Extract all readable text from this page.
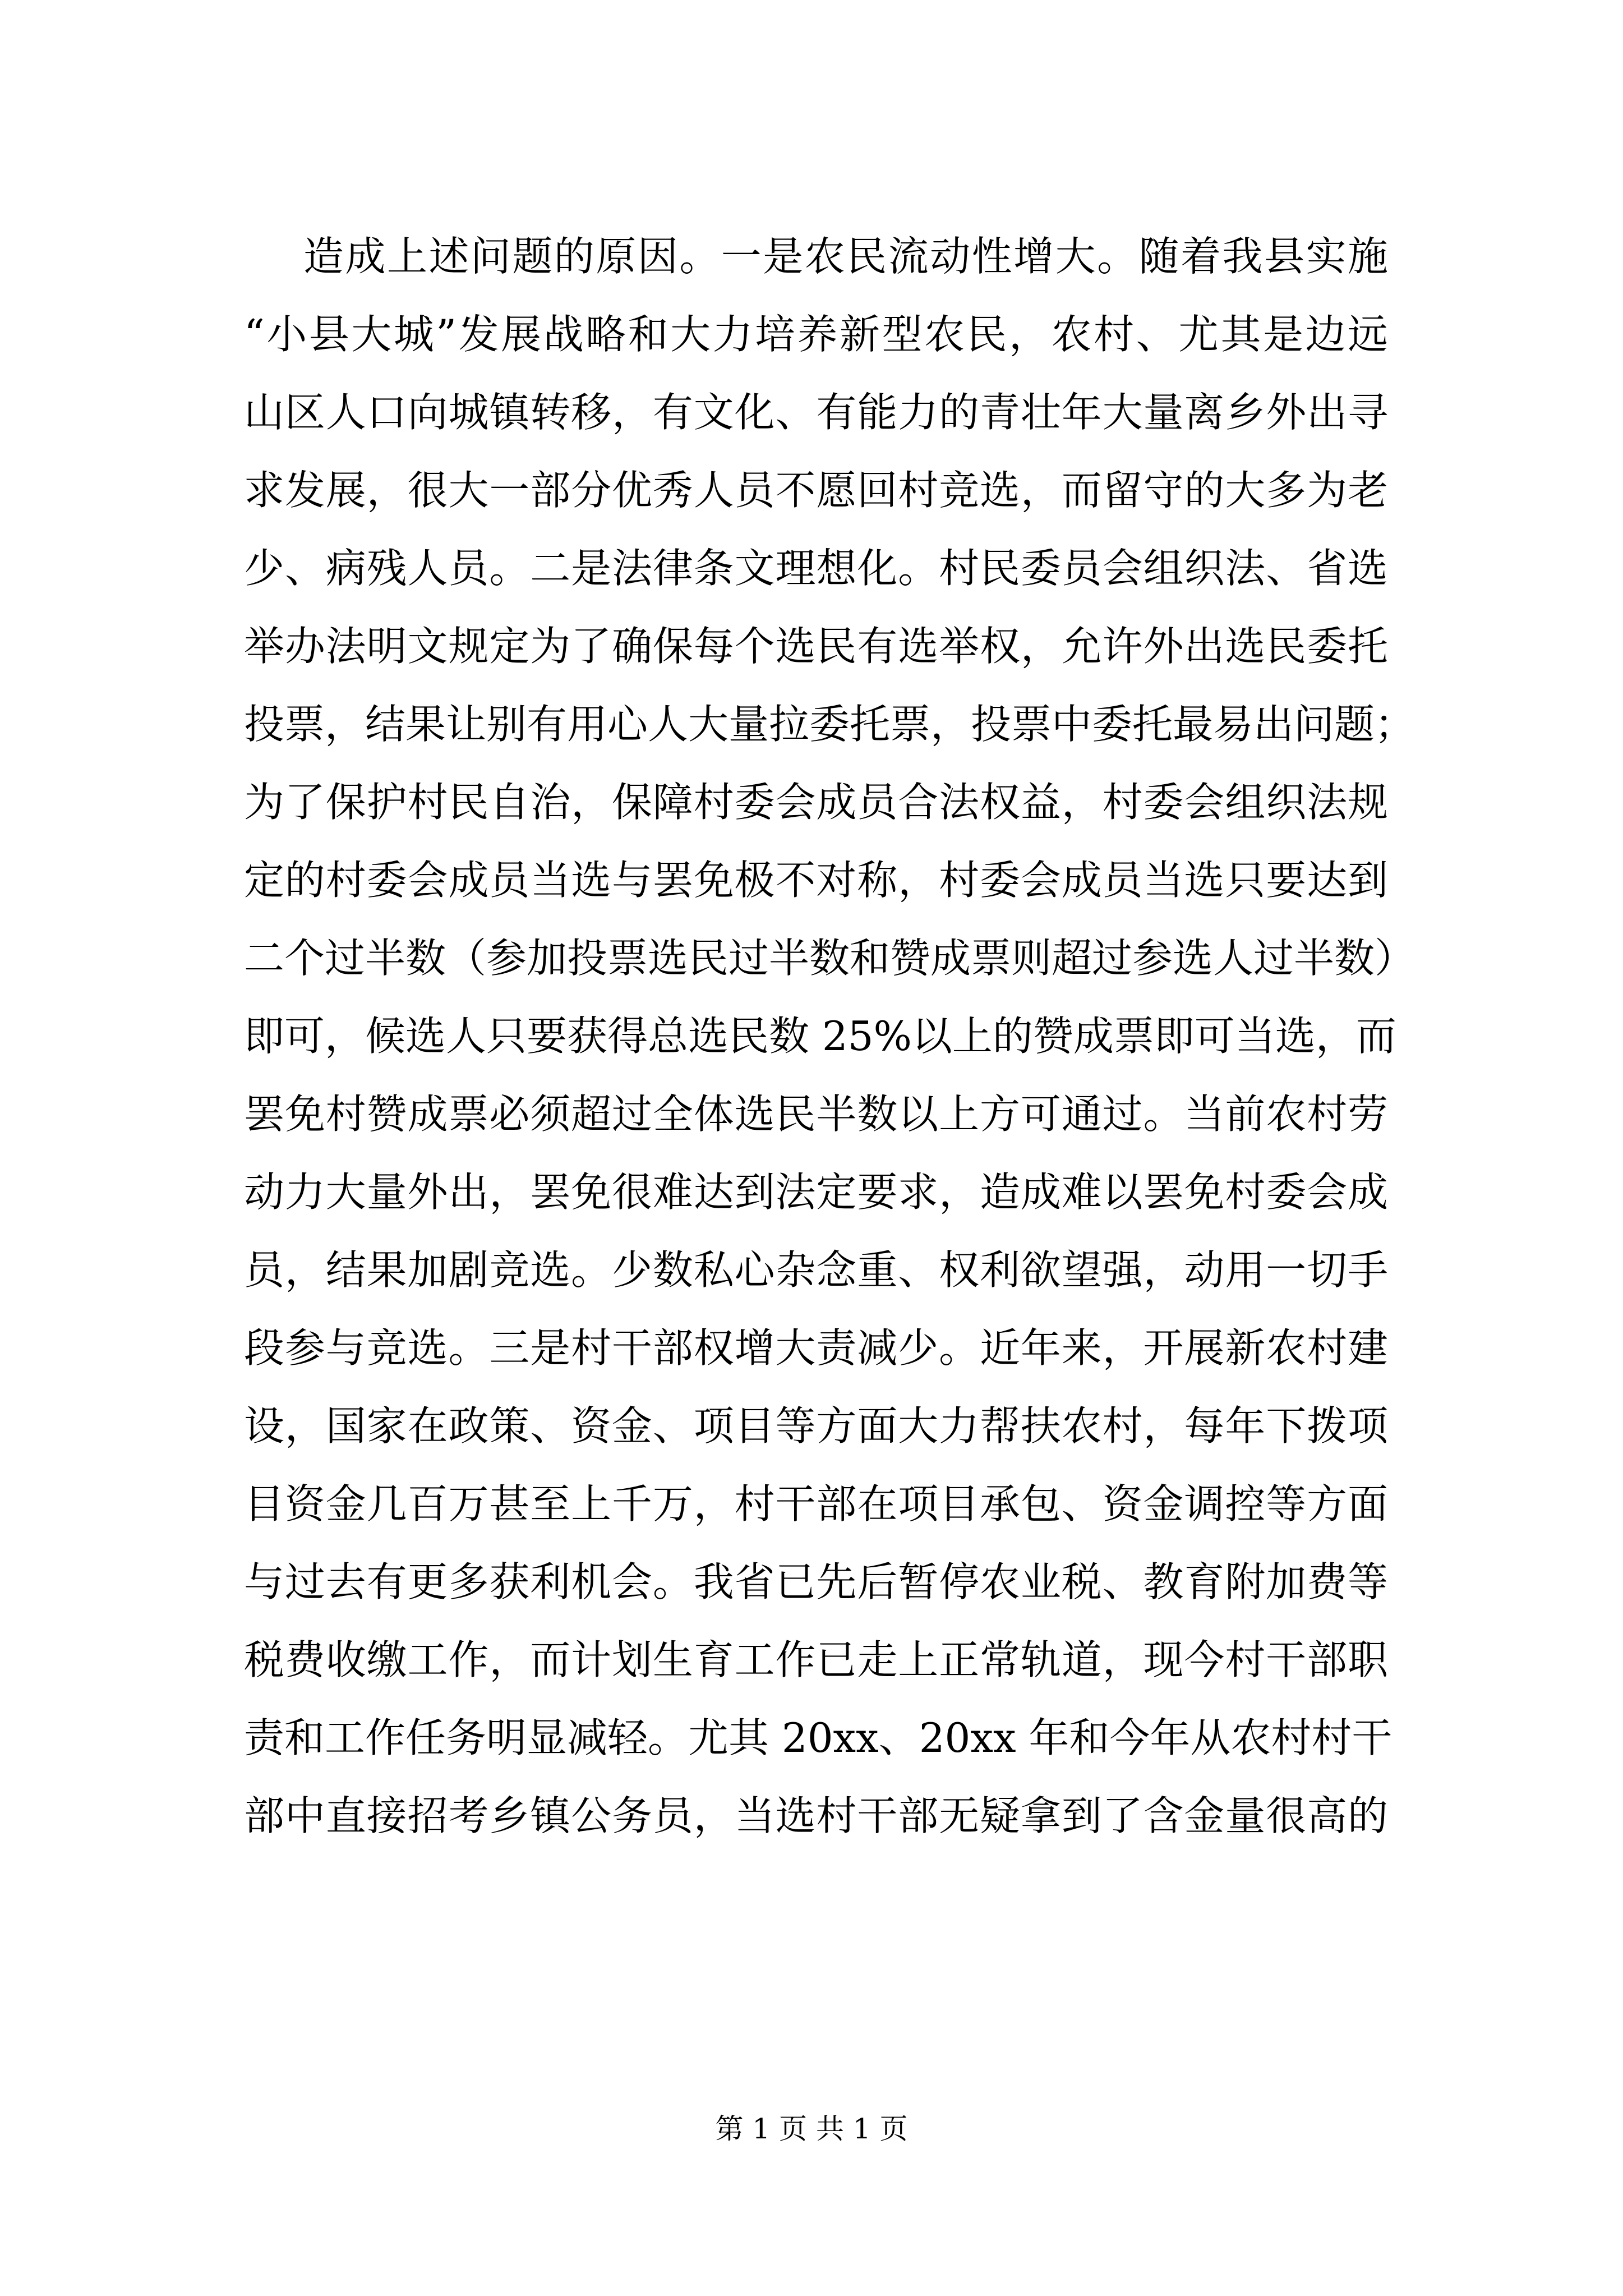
造成上述问题的原因。一是农民流动性增大。随着我县实施
“小县大城”发展战略和大力培养新型农民，农村、尤其是边远
山区人口向城镇转移，有文化、有能力的青壮年大量离乡外出寻
求发展，很大一部分优秀人员不愿回村竞选，而留守的大多为老
少、病残人员。二是法律条文理想化。村民委员会组织法、省选
举办法明文规定为了确保每个选民有选举权，允许外出选民委托
投票，结果让别有用心人大量拉委托票，投票中委托最易出问题；
为了保护村民自治，保障村委会成员合法权益，村委会组织法规
定的村委会成员当选与罢免极不对称，村委会成员当选只要达到
二个过半数（参加投票选民过半数和赞成票则超过参选人过半数）
即可，候选人只要获得总选民数 25%以上的赞成票即可当选，而
罢免村赞成票必须超过全体选民半数以上方可通过。当前农村劳
动力大量外出，罢免很难达到法定要求，造成难以罢免村委会成
员，结果加剧竞选。少数私心杂念重、权利欲望强，动用一切手
段参与竞选。三是村干部权增大责减少。近年来，开展新农村建
设，国家在政策、资金、项目等方面大力帮扶农村，每年下拨项
目资金几百万甚至上千万，村干部在项目承包、资金调控等方面
与过去有更多获利机会。我省已先后暂停农业税、教育附加费等
税费收缴工作，而计划生育工作已走上正常轨道，现今村干部职
责和工作任务明显减轻。尤其 20xx、20xx 年和今年从农村村干
部中直接招考乡镇公务员，当选村干部无疑拿到了含金量很高的
第 1 页 共 1 页
